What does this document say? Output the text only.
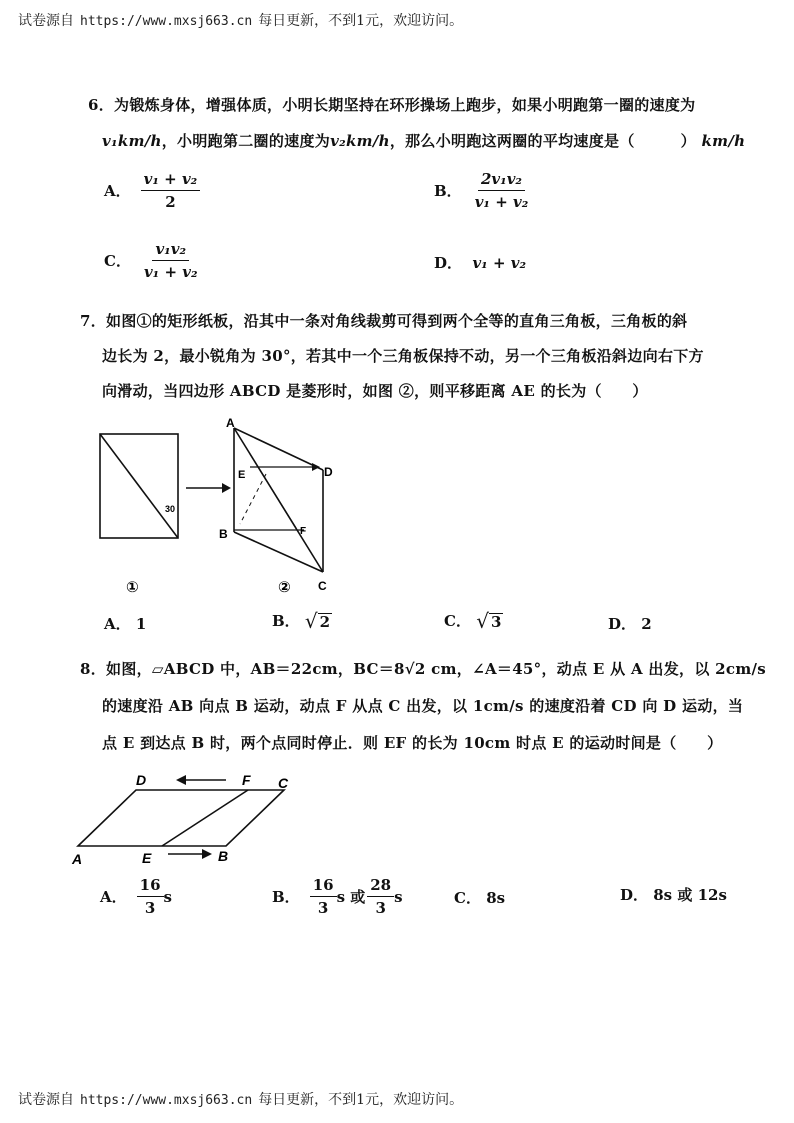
试卷源自 https://www.mxsj663.cn 每日更新，不到1元，欢迎访问。
6．为锻炼身体，增强体质，小明长期坚持在环形操场上跑步，如果小明跑第一圈的速度为
v₁km/h，小明跑第二圈的速度为v₂km/h，那么小明跑这两圈的平均速度是（	） km/h
A． $\frac{\text{v₁ + v₂}}{2}$	B． $\frac{\text{2v₁v₂}}{\text{v₁ + v₂}}$
C． $\frac{\text{v₁v₂}}{\text{v₁ + v₂}}$	D．
v₁ + v₂
7．如图①的矩形纸板，沿其中一条对角线裁剪可得到两个全等的直角三角板，三角板的斜
边长为 2，最小锐角为 30°，若其中一个三角板保持不动，另一个三角板沿斜边向右下方
向滑动，当四边形 ABCD 是菱形时，如图 ②，则平移距离 AE 的长为（　　）
30
A
B
C
D
E
F
①	②
A．
1	B．
√ 2	C．
√ 3	D．
2
8．如图，▱ABCD 中，AB＝22cm，BC＝8√2 cm，∠A＝45°，动点 E 从 A 出发，以 2cm/s
的速度沿 AB 向点 B 运动，动点 F 从点 C 出发，以 1cm/s 的速度沿着 CD 向 D 运动，当
点 E 到达点 B 时，两个点同时停止．则 EF 的长为 10cm 时点 E 的运动时间是（　　）
A	B
C
D
E
F
A． $\frac{16}{3}$ s	B． $\frac{16}{3}$ s 或 $\frac{28}{3}$ s	C．
8s	D．
8s 或 12s
试卷源自 https://www.mxsj663.cn 每日更新，不到1元，欢迎访问。
